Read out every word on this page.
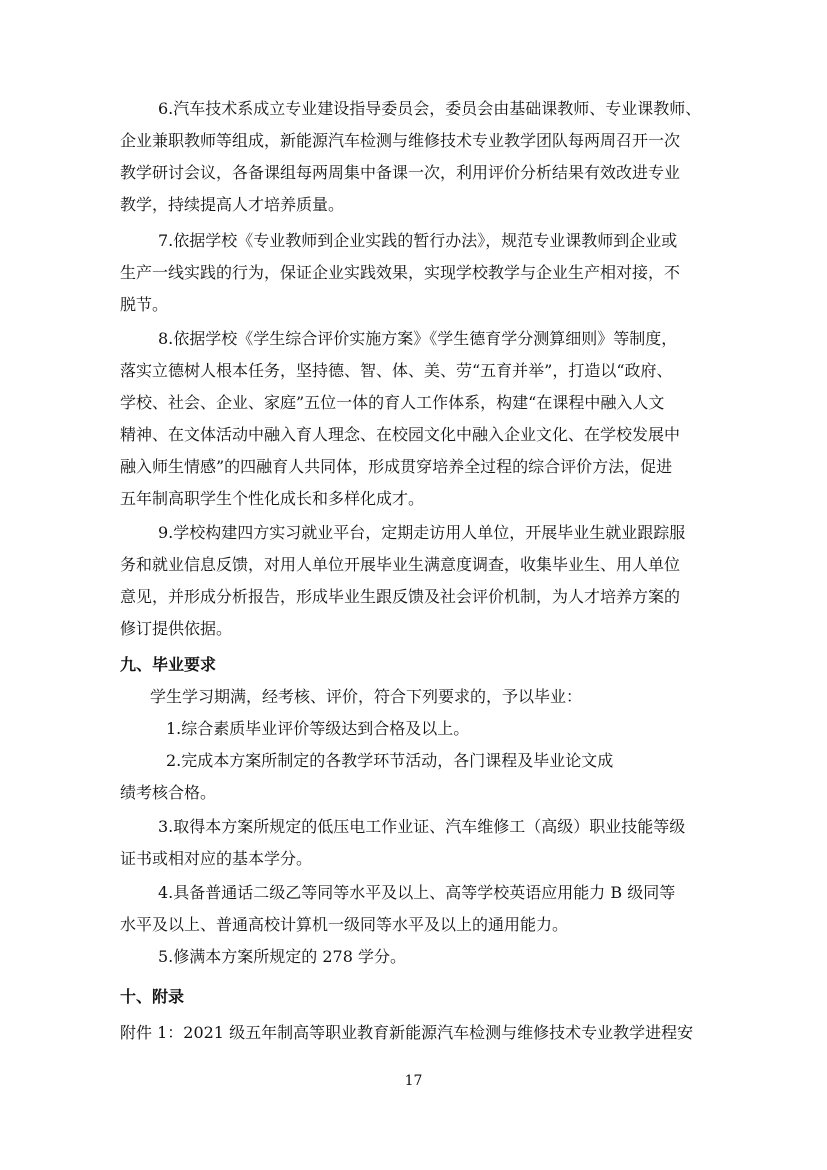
6.汽车技术系成立专业建设指导委员会，委员会由基础课教师、专业课教师、
企业兼职教师等组成，新能源汽车检测与维修技术专业教学团队每两周召开一次
教学研讨会议，各备课组每两周集中备课一次，利用评价分析结果有效改进专业
教学，持续提高人才培养质量。
7.依据学校《专业教师到企业实践的暂行办法》，规范专业课教师到企业或
生产一线实践的行为，保证企业实践效果，实现学校教学与企业生产相对接，不
脱节。
8.依据学校《学生综合评价实施方案》《学生德育学分测算细则》等制度，
落实立德树人根本任务，坚持德、智、体、美、劳“五育并举”，打造以“政府、
学校、社会、企业、家庭”五位一体的育人工作体系，构建“在课程中融入人文
精神、在文体活动中融入育人理念、在校园文化中融入企业文化、在学校发展中
融入师生情感”的四融育人共同体，形成贯穿培养全过程的综合评价方法，促进
五年制高职学生个性化成长和多样化成才。
9.学校构建四方实习就业平台，定期走访用人单位，开展毕业生就业跟踪服
务和就业信息反馈，对用人单位开展毕业生满意度调查，收集毕业生、用人单位
意见，并形成分析报告，形成毕业生跟反馈及社会评价机制，为人才培养方案的
修订提供依据。
九、毕业要求
学生学习期满，经考核、评价，符合下列要求的，予以毕业：
1.综合素质毕业评价等级达到合格及以上。
2.完成本方案所制定的各教学环节活动，各门课程及毕业论文成
绩考核合格。
3.取得本方案所规定的低压电工作业证、汽车维修工（高级）职业技能等级
证书或相对应的基本学分。
4.具备普通话二级乙等同等水平及以上、高等学校英语应用能力 B 级同等
水平及以上、普通高校计算机一级同等水平及以上的通用能力。
5.修满本方案所规定的 278 学分。
十、附录
附件 1：2021 级五年制高等职业教育新能源汽车检测与维修技术专业教学进程安
17
